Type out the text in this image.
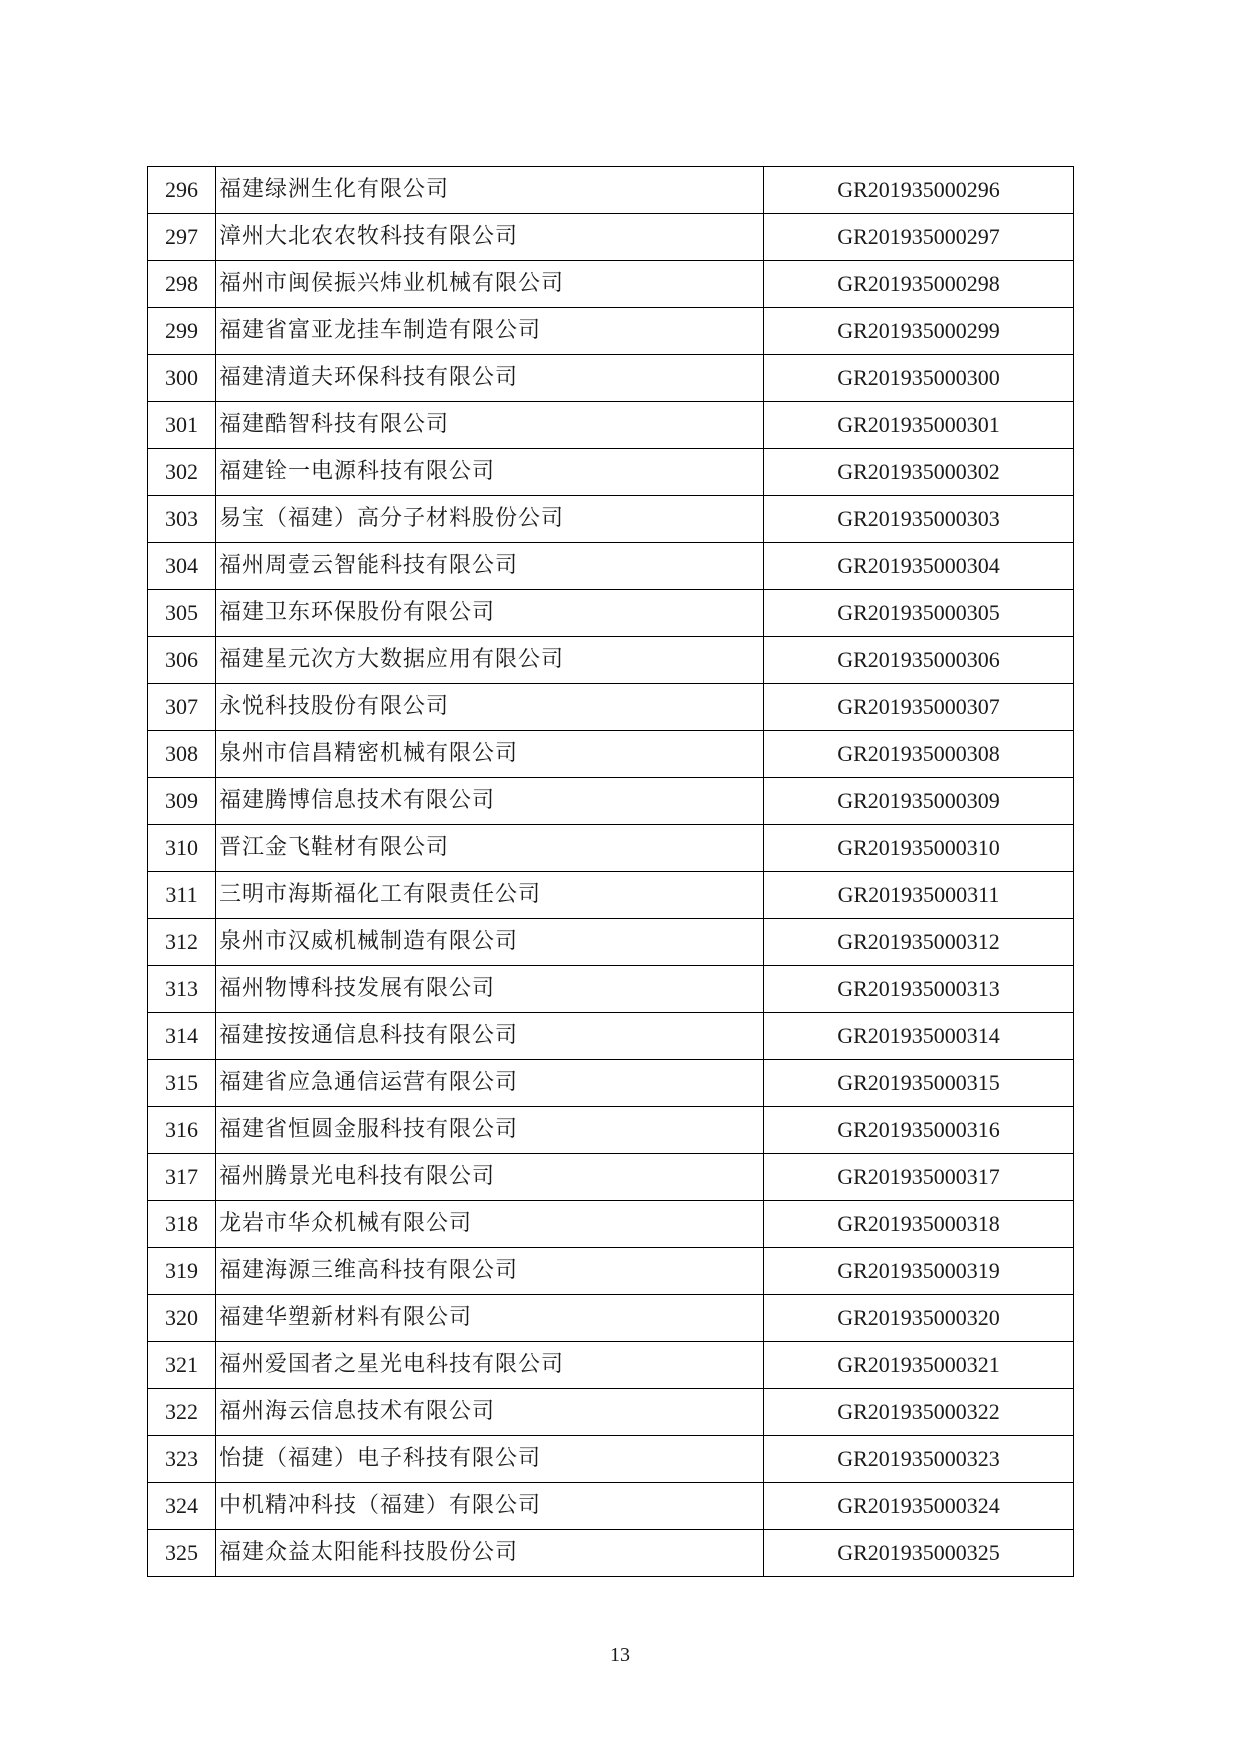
296	福建绿洲生化有限公司	GR201935000296
297	漳州大北农农牧科技有限公司	GR201935000297
298	福州市闽侯振兴炜业机械有限公司	GR201935000298
299	福建省富亚龙挂车制造有限公司	GR201935000299
300	福建清道夫环保科技有限公司	GR201935000300
301	福建酷智科技有限公司	GR201935000301
302	福建铨一电源科技有限公司	GR201935000302
303	易宝（福建）高分子材料股份公司	GR201935000303
304	福州周壹云智能科技有限公司	GR201935000304
305	福建卫东环保股份有限公司	GR201935000305
306	福建星元次方大数据应用有限公司	GR201935000306
307	永悦科技股份有限公司	GR201935000307
308	泉州市信昌精密机械有限公司	GR201935000308
309	福建腾博信息技术有限公司	GR201935000309
310	晋江金飞鞋材有限公司	GR201935000310
311	三明市海斯福化工有限责任公司	GR201935000311
312	泉州市汉威机械制造有限公司	GR201935000312
313	福州物博科技发展有限公司	GR201935000313
314	福建按按通信息科技有限公司	GR201935000314
315	福建省应急通信运营有限公司	GR201935000315
316	福建省恒圆金服科技有限公司	GR201935000316
317	福州腾景光电科技有限公司	GR201935000317
318	龙岩市华众机械有限公司	GR201935000318
319	福建海源三维高科技有限公司	GR201935000319
320	福建华塑新材料有限公司	GR201935000320
321	福州爱国者之星光电科技有限公司	GR201935000321
322	福州海云信息技术有限公司	GR201935000322
323	怡捷（福建）电子科技有限公司	GR201935000323
324	中机精冲科技（福建）有限公司	GR201935000324
325	福建众益太阳能科技股份公司	GR201935000325
13
